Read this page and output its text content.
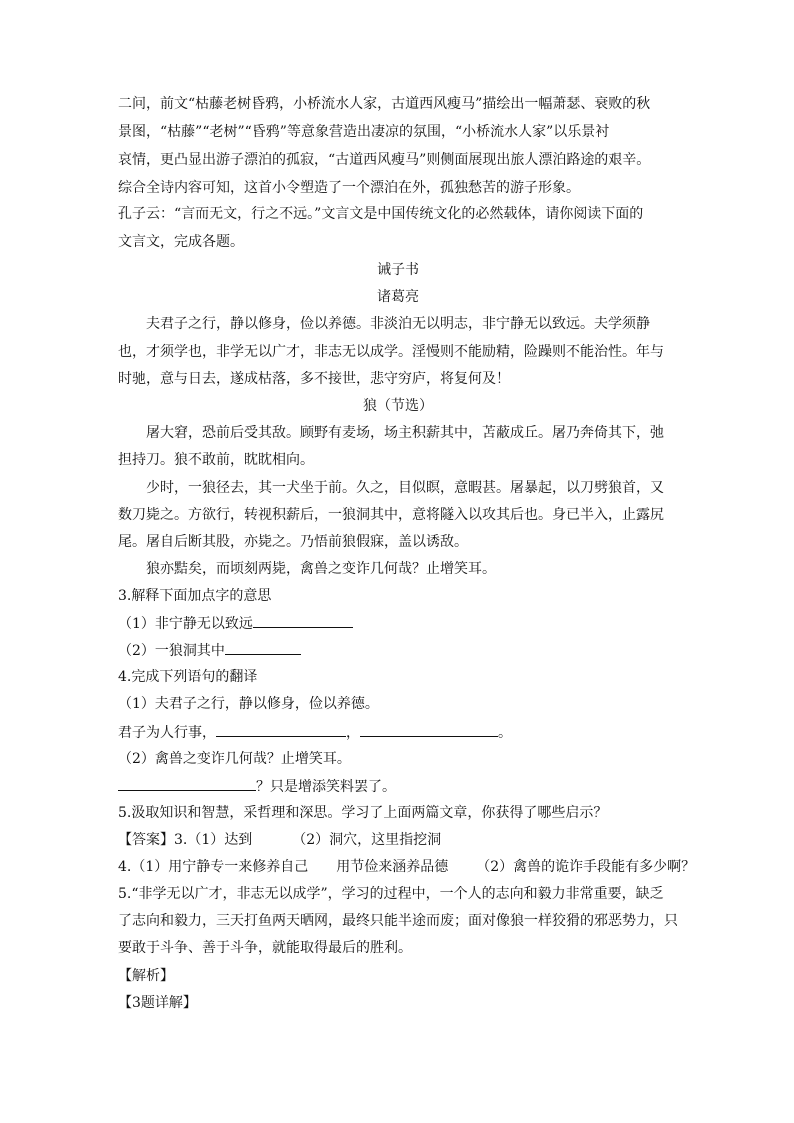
二问，前文“枯藤老树昏鸦，小桥流水人家，古道西风瘦马”描绘出一幅萧瑟、衰败的秋
景图，“枯藤”“老树”“昏鸦”等意象营造出凄凉的氛围，“小桥流水人家”以乐景衬
哀情，更凸显出游子漂泊的孤寂，“古道西风瘦马”则侧面展现出旅人漂泊路途的艰辛。
综合全诗内容可知，这首小令塑造了一个漂泊在外，孤独愁苦的游子形象。
孔子云：“言而无文，行之不远。”文言文是中国传统文化的必然载体，请你阅读下面的
文言文，完成各题。
诫子书
诸葛亮
夫君子之行，静以修身，俭以养德。非淡泊无以明志，非宁静无以致远。夫学须静
也，才须学也，非学无以广才，非志无以成学。淫慢则不能励精，险躁则不能治性。年与
时驰，意与日去，遂成枯落，多不接世，悲守穷庐，将复何及！
狼（节选）
屠大窘，恐前后受其敌。顾野有麦场，场主积薪其中，苫蔽成丘。屠乃奔倚其下，弛
担持刀。狼不敢前，眈眈相向。
少时，一狼径去，其一犬坐于前。久之，目似瞑，意暇甚。屠暴起，以刀劈狼首，又
数刀毙之。方欲行，转视积薪后，一狼洞其中，意将隧入以攻其后也。身已半入，止露尻
尾。屠自后断其股，亦毙之。乃悟前狼假寐，盖以诱敌。
狼亦黠矣，而顷刻两毙，禽兽之变诈几何哉？止增笑耳。
3.解释下面加点字的意思
（1）非宁静无以致远
（2）一狼洞其中
4.完成下列语句的翻译
（1）夫君子之行，静以修身，俭以养德。
君子为人行事，	，	。
（2）禽兽之变诈几何哉？止增笑耳。
？只是增添笑料罢了。
5.汲取知识和智慧，采哲理和深思。学习了上面两篇文章，你获得了哪些启示？
【答案】3.（1）达到	（2）洞穴，这里指挖洞
4.（1）用宁静专一来修养自己 用节俭来涵养品德 （2）禽兽的诡诈手段能有多少啊？
5.“非学无以广才，非志无以成学”，学习的过程中，一个人的志向和毅力非常重要，缺乏
了志向和毅力，三天打鱼两天晒网，最终只能半途而废；面对像狼一样狡猾的邪恶势力，只
要敢于斗争、善于斗争，就能取得最后的胜利。
【解析】
【3题详解】
